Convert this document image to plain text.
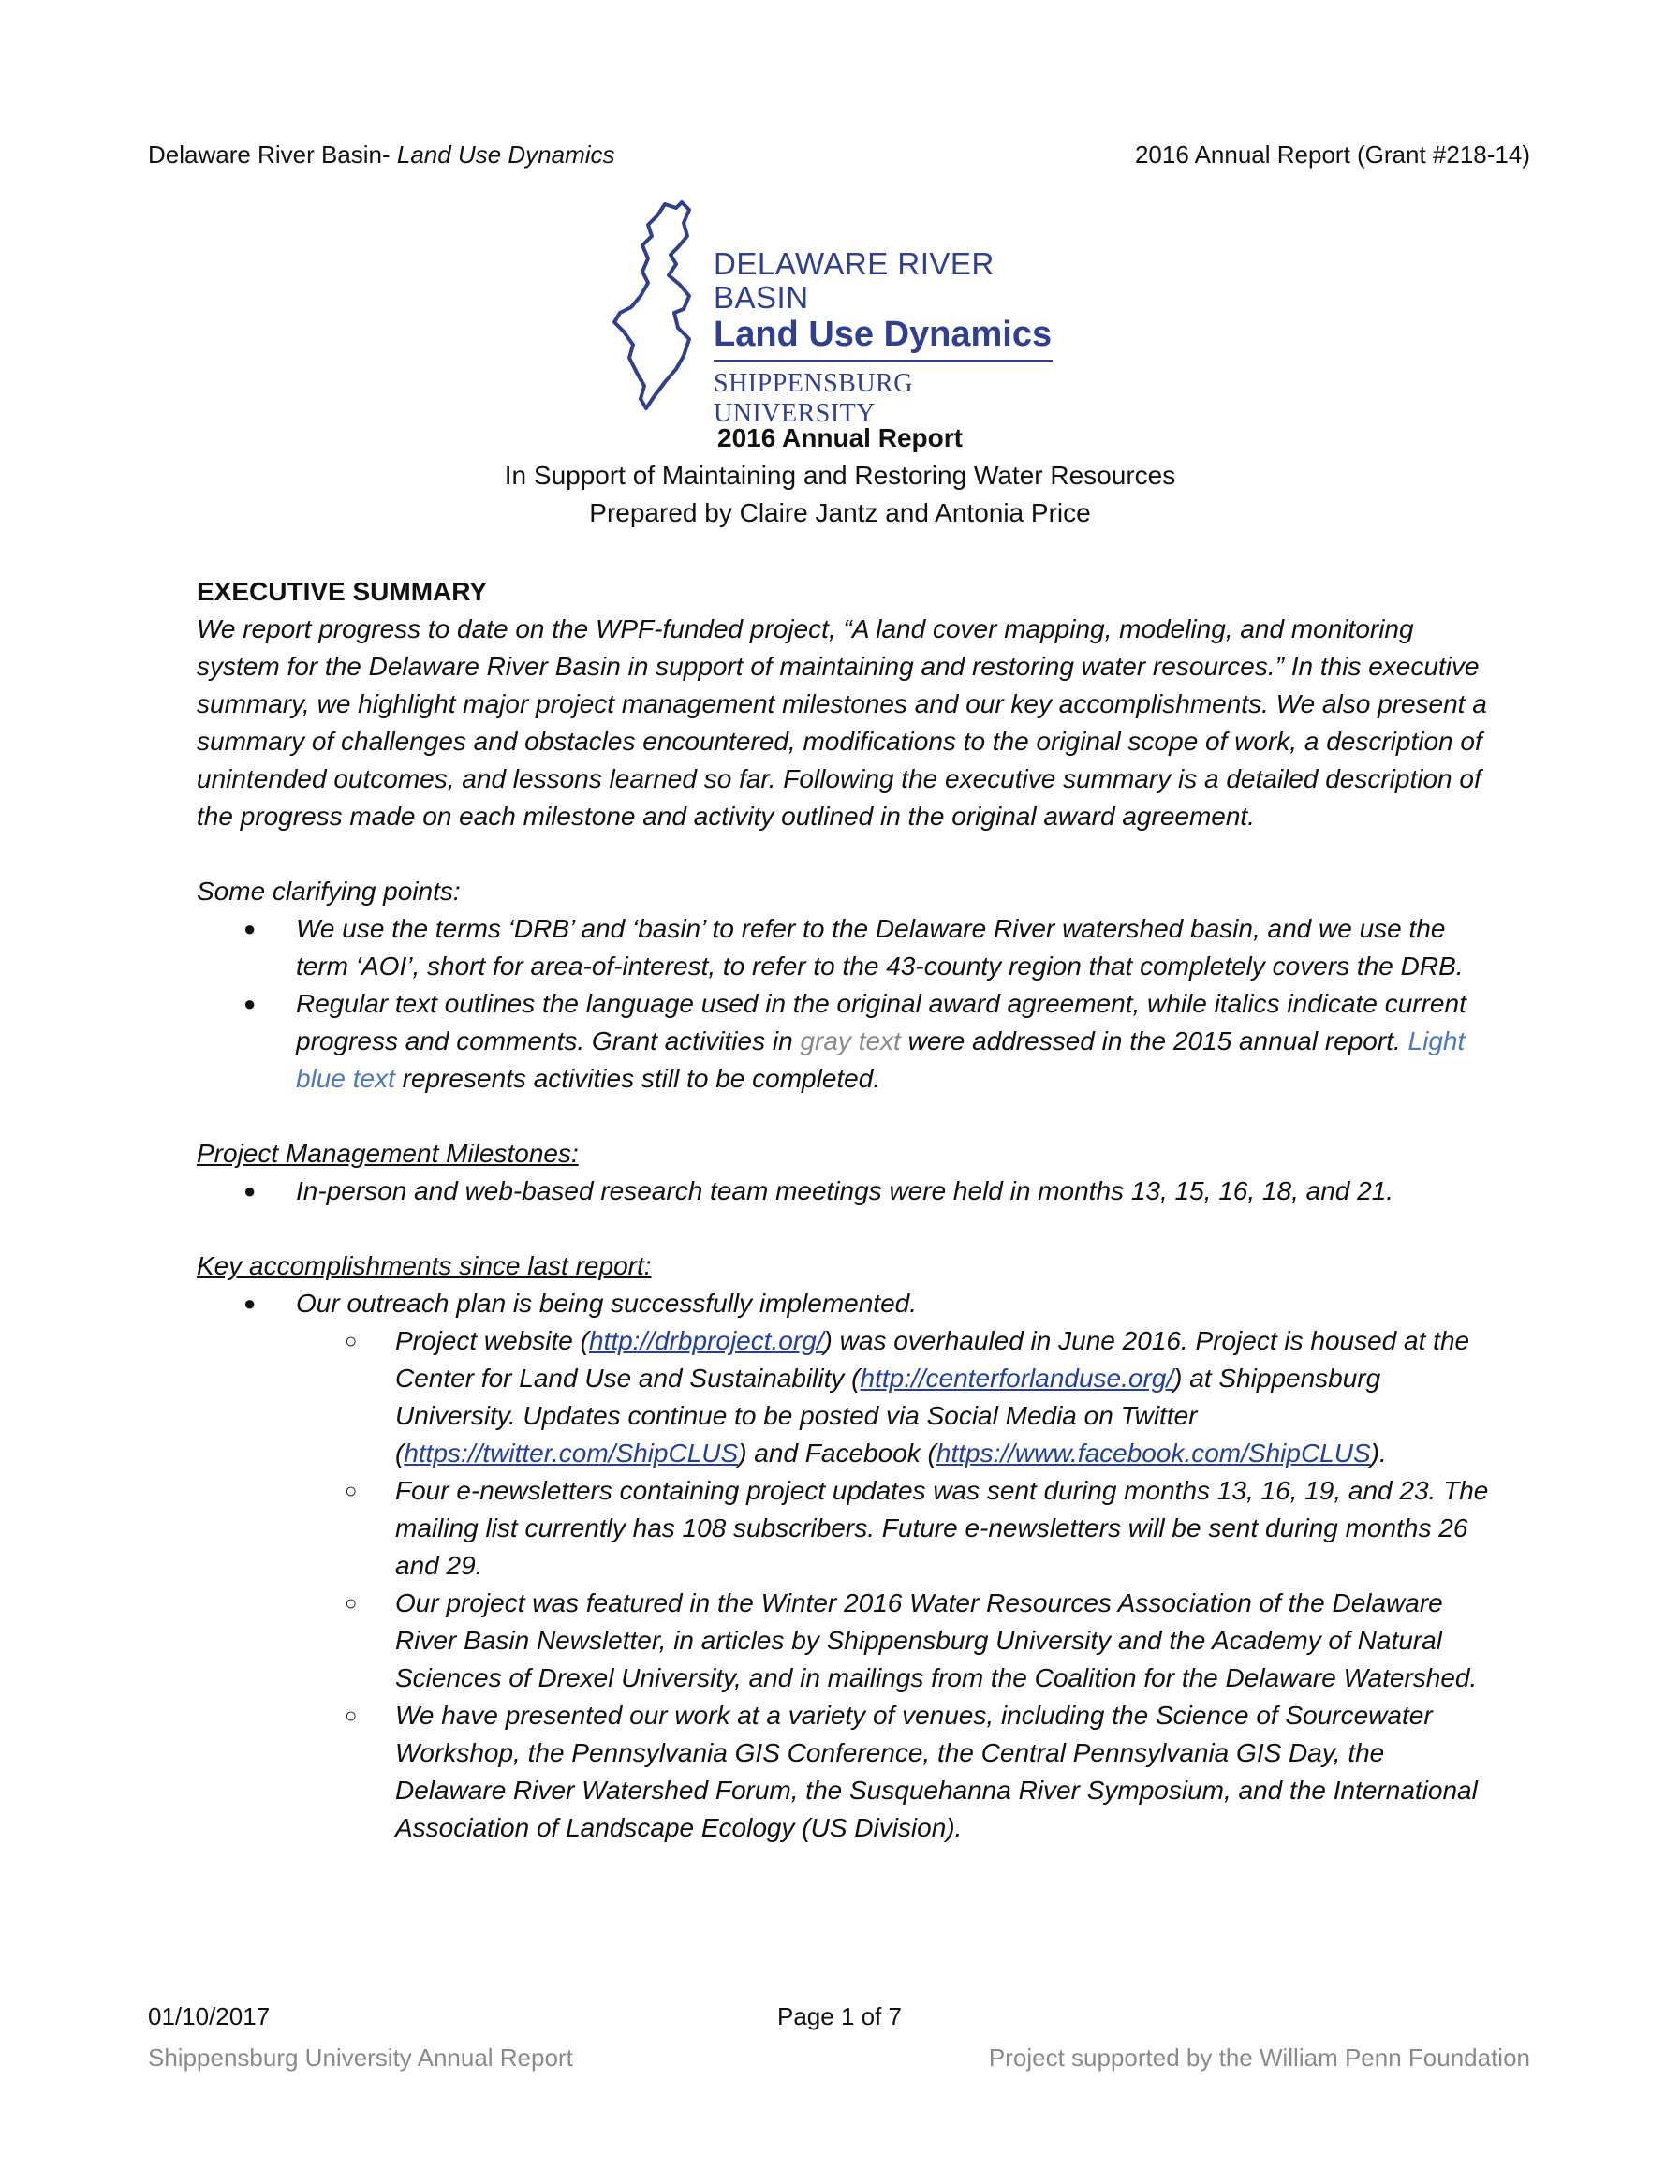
Delaware River Basin- Land Use Dynamics	2016 Annual Report (Grant #218-14)
DELAWARE RIVER BASIN
Land Use Dynamics
SHIPPENSBURG UNIVERSITY
2016 Annual Report
In Support of Maintaining and Restoring Water Resources
Prepared by Claire Jantz and Antonia Price

EXECUTIVE SUMMARY

We report progress to date on the WPF-funded project, “A land cover mapping, modeling, and monitoring system for the Delaware River Basin in support of maintaining and restoring water resources.” In this executive summary, we highlight major project management milestones and our key accomplishments. We also present a summary of challenges and obstacles encountered, modifications to the original scope of work, a description of unintended outcomes, and lessons learned so far. Following the executive summary is a detailed description of the progress made on each milestone and activity outlined in the original award agreement.

Some clarifying points:

● We use the terms ‘DRB’ and ‘basin’ to refer to the Delaware River watershed basin, and we use the term ‘AOI’, short for area-of-interest, to refer to the 43-county region that completely covers the DRB.
● Regular text outlines the language used in the original award agreement, while italics indicate current progress and comments. Grant activities in gray text were addressed in the 2015 annual report. Light blue text represents activities still to be completed.

Project Management Milestones:

● In-person and web-based research team meetings were held in months 13, 15, 16, 18, and 21.

Key accomplishments since last report:

● Our outreach plan is being successfully implemented.
○ Project website (http://drbproject.org/) was overhauled in June 2016. Project is housed at the Center for Land Use and Sustainability (http://centerforlanduse.org/) at Shippensburg University. Updates continue to be posted via Social Media on Twitter (https://twitter.com/ShipCLUS) and Facebook (https://www.facebook.com/ShipCLUS).
○ Four e-newsletters containing project updates was sent during months 13, 16, 19, and 23. The mailing list currently has 108 subscribers. Future e-newsletters will be sent during months 26 and 29.
○ Our project was featured in the Winter 2016 Water Resources Association of the Delaware River Basin Newsletter, in articles by Shippensburg University and the Academy of Natural Sciences of Drexel University, and in mailings from the Coalition for the Delaware Watershed.
○ We have presented our work at a variety of venues, including the Science of Sourcewater Workshop, the Pennsylvania GIS Conference, the Central Pennsylvania GIS Day, the Delaware River Watershed Forum, the Susquehanna River Symposium, and the International Association of Landscape Ecology (US Division).
01/10/2017	Page 1 of 7
Shippensburg University Annual Report	Project supported by the William Penn Foundation
